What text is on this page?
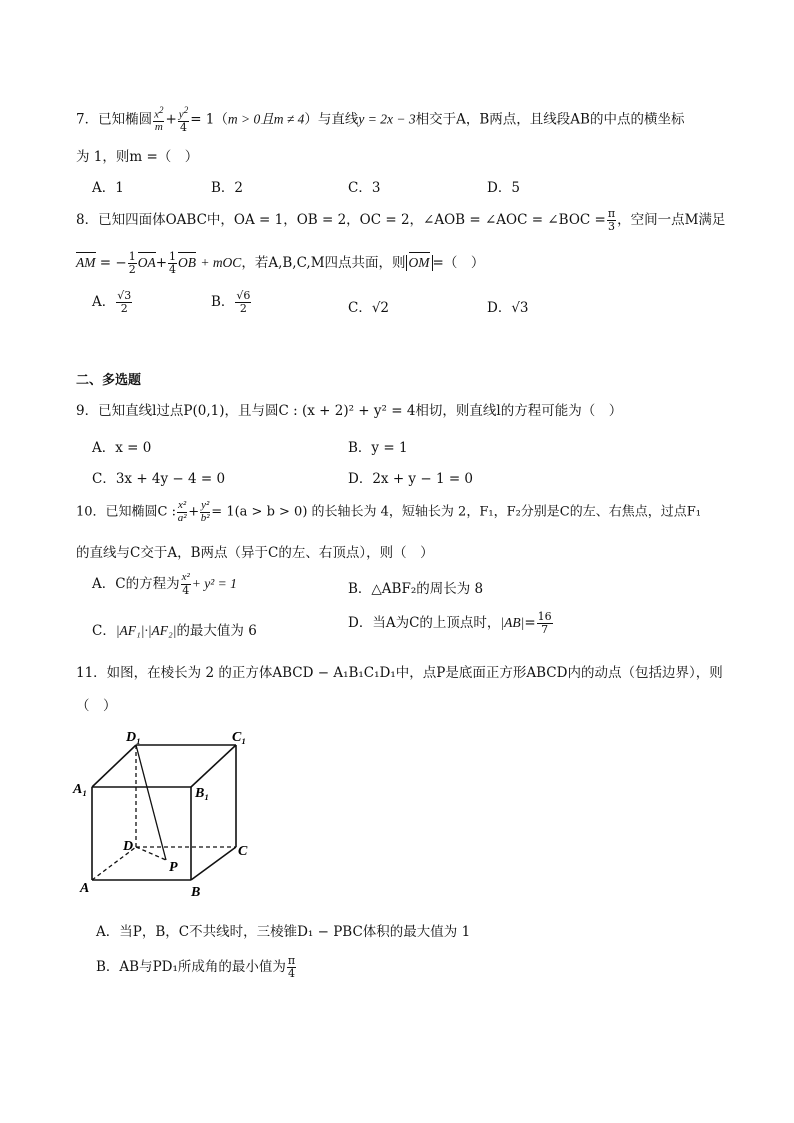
7．已知椭圆 $\frac{x^2}{m} + \frac{y^2}{4} = 1(m > 0$且m ≠ 4）与直线y = 2x − 3相交于A，B两点，且线段AB的中点的横坐标
为 1，则m =（　）
A．1	B．2	C．3	D．5
8．已知四面体OABC中，OA = 1，OB = 2，OC = 2，∠AOB = ∠AOC = ∠BOC = $\frac{\pi}{3}$ ，空间一点M满足
AM = − $\frac{1}{2} OA+ \frac{1}{4}$ OB + mOC，若A,B,C,M四点共面，则 OM =（　）
A． $\frac{√3}{2}$	B． $\frac{√6}{2}$	C．√2	D．√3
二、多选题
9．已知直线l过点P(0,1)，且与圆C : (x + 2)² + y² = 4相切，则直线l的方程可能为（　）
A．x = 0	B．y = 1
C．3x + 4y − 4 = 0	D．2x + y − 1 = 0
10．已知椭圆C : $\frac{\text{x²}}{\text{a²}} + \frac{\text{y²}}{\text{b²}} = 1(a > b > 0)$ 的长轴长为 4，短轴长为 2，F₁，F₂分别是C的左、右焦点，过点F₁
的直线与C交于A，B两点（异于C的左、右顶点），则（　）
A．C的方程为 $\frac{\text{x²}}{4} + y^2 = 1$	B．△ABF₂的周长为 8
C．|AF₁|·|AF₂|的最大值为 6	D．当A为C的上顶点时，$|AB|= \frac{16}{7}$
11．如图，在棱长为 2 的正方体ABCD − A₁B₁C₁D₁中，点P是底面正方形ABCD内的动点（包括边界），则
（　）
D₁	C₁
A₁	B₁
D	C
P
A	B
A．当P，B，C不共线时，三棱锥D₁ − PBC体积的最大值为 1
B．AB与PD₁所成角的最小值为 $\frac{\pi}{4}$
